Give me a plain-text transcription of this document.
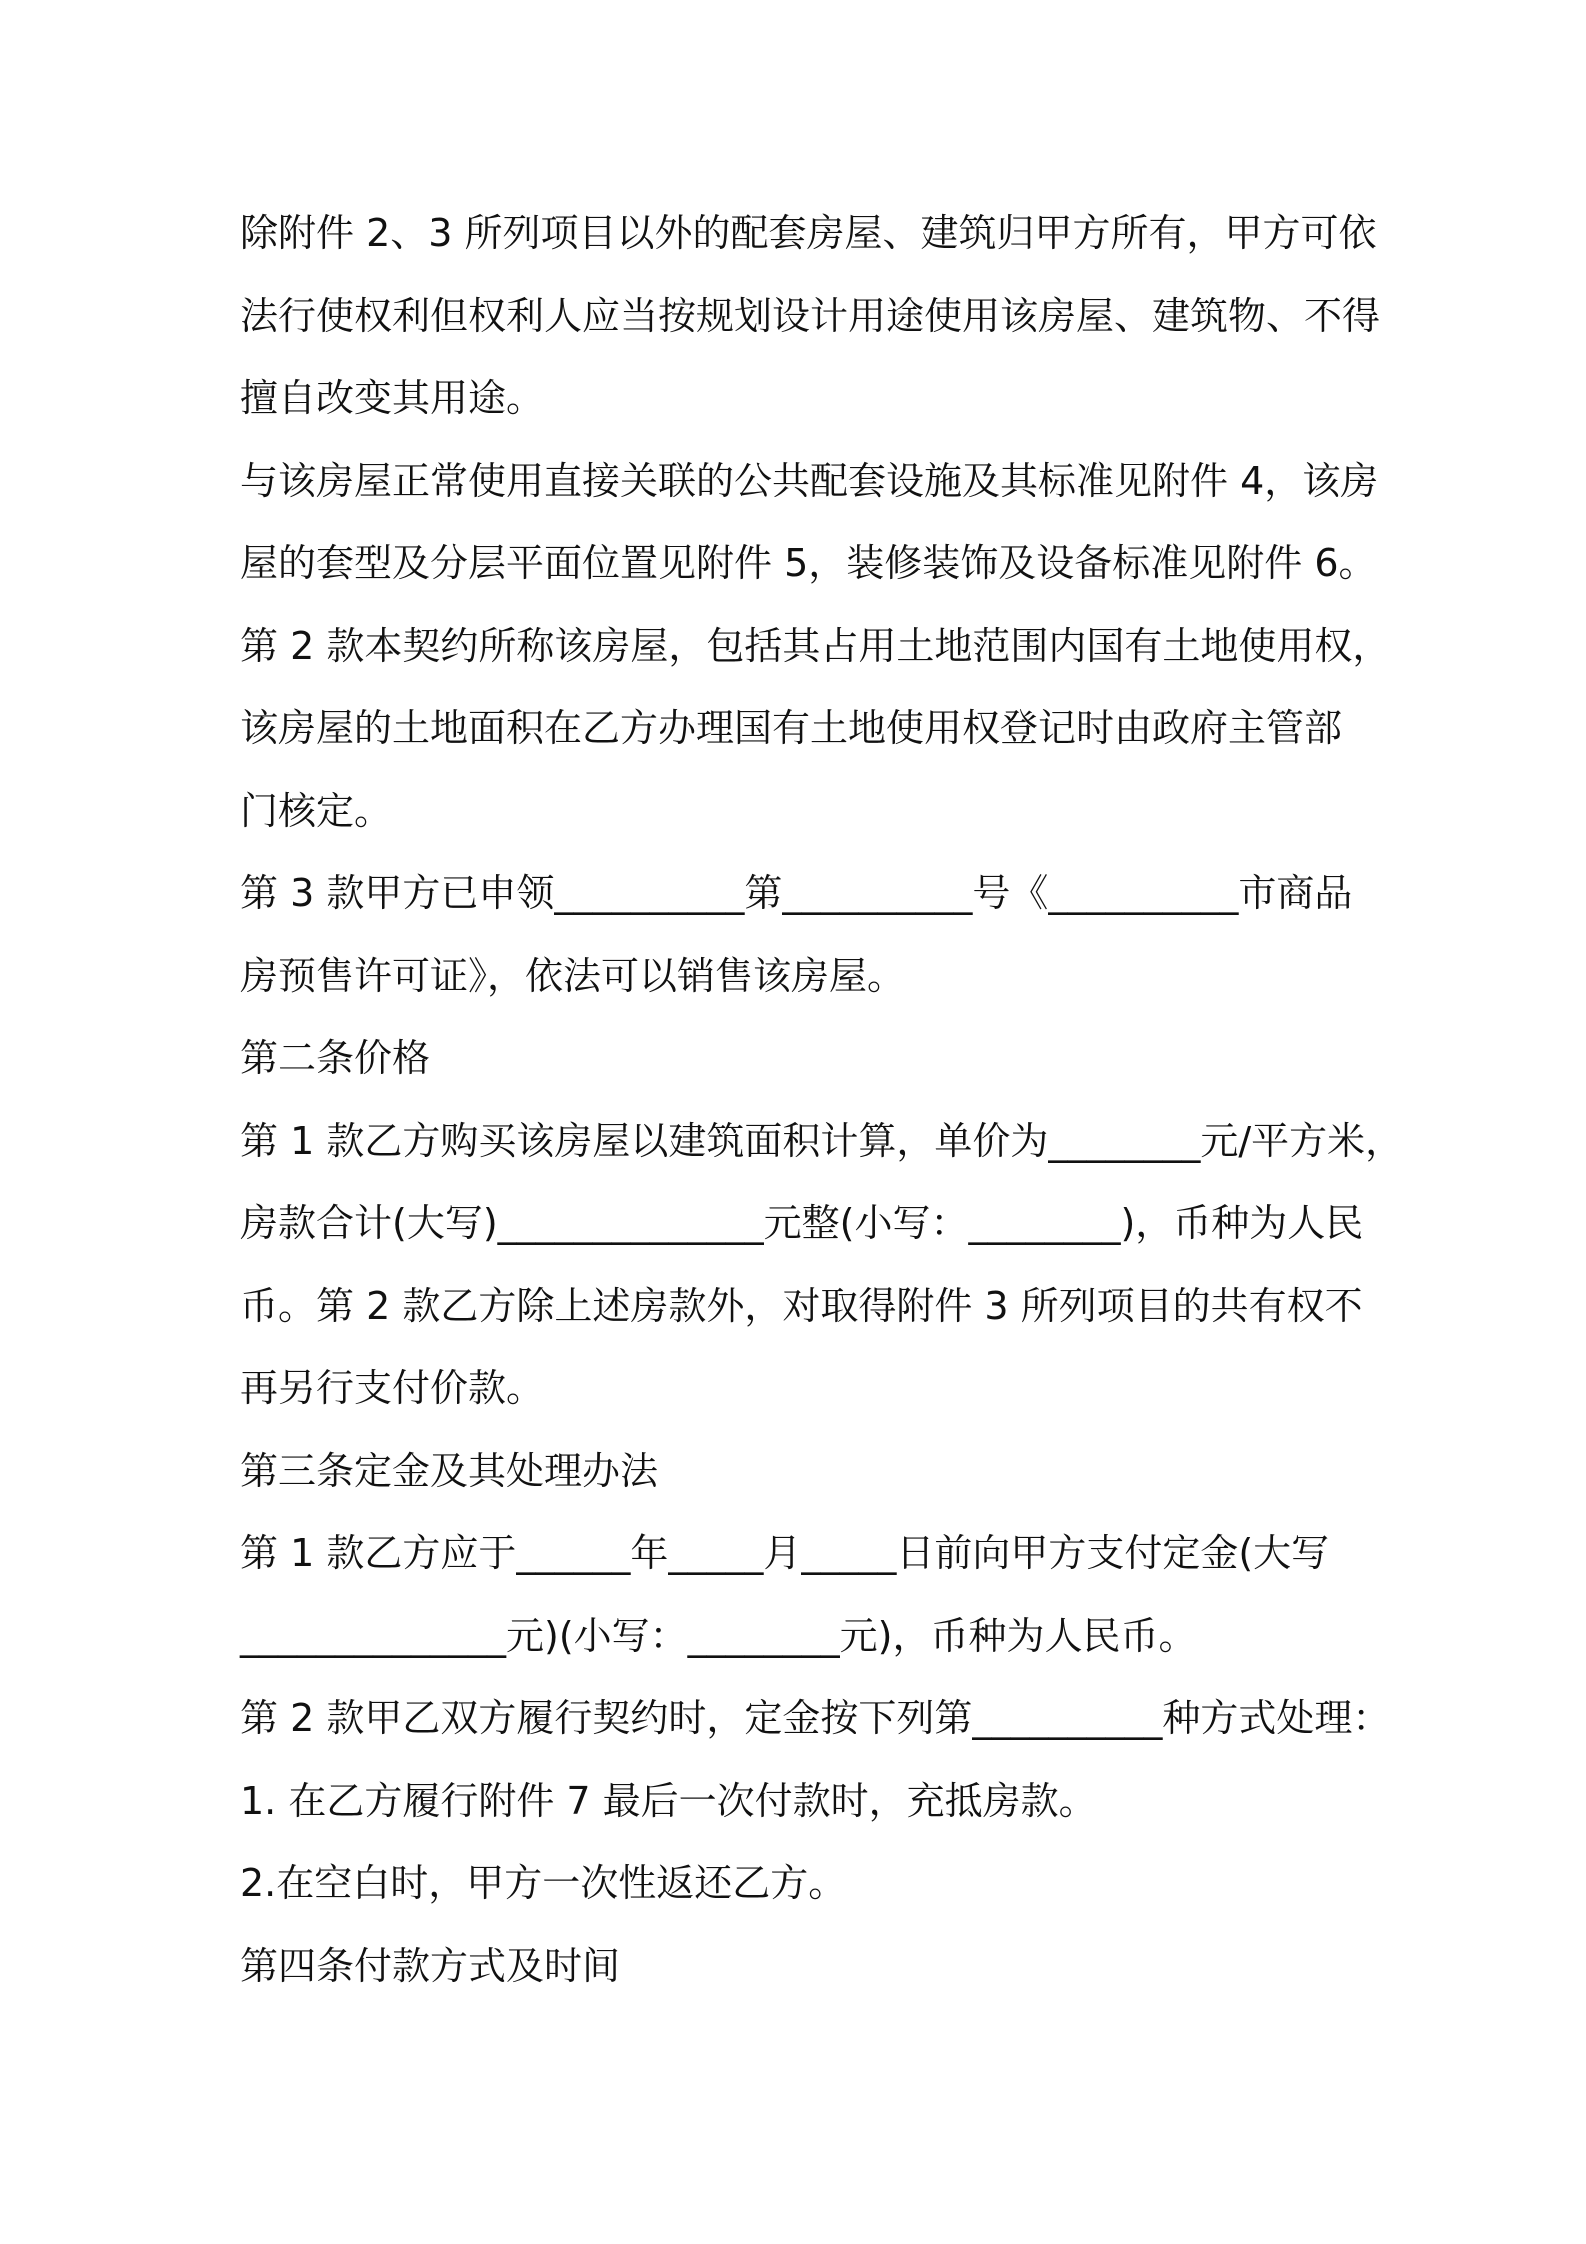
除附件 2、3 所列项目以外的配套房屋、建筑归甲方所有，甲方可依
法行使权利但权利人应当按规划设计用途使用该房屋、建筑物、不得
擅自改变其用途。
与该房屋正常使用直接关联的公共配套设施及其标准见附件 4，该房
屋的套型及分层平面位置见附件 5，装修装饰及设备标准见附件 6。
第 2 款本契约所称该房屋，包括其占用土地范围内国有土地使用权，
该房屋的土地面积在乙方办理国有土地使用权登记时由政府主管部
门核定。
第 3 款甲方已申领__________第__________号《__________市商品
房预售许可证》，依法可以销售该房屋。
第二条价格
第 1 款乙方购买该房屋以建筑面积计算，单价为________元/平方米，
房款合计(大写)______________元整(小写：________)，币种为人民
币。第 2 款乙方除上述房款外，对取得附件 3 所列项目的共有权不
再另行支付价款。
第三条定金及其处理办法
第 1 款乙方应于______年_____月_____日前向甲方支付定金(大写
______________元)(小写：________元)，币种为人民币。
第 2 款甲乙双方履行契约时，定金按下列第__________种方式处理：
1. 在乙方履行附件 7 最后一次付款时，充抵房款。
2.在空白时，甲方一次性返还乙方。
第四条付款方式及时间
